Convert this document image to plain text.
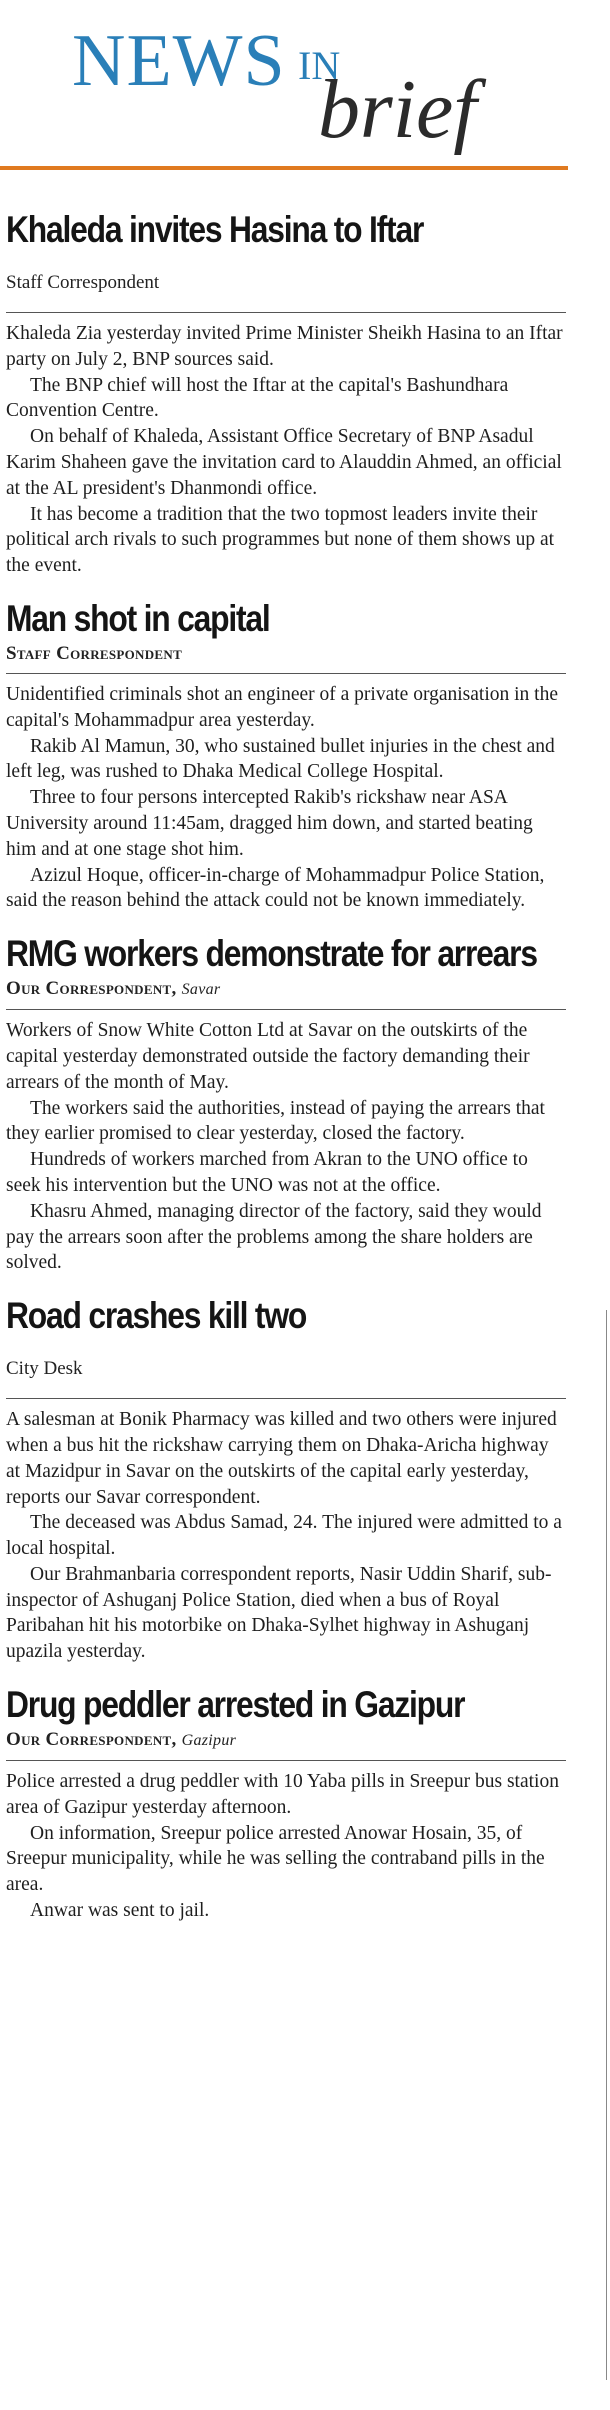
NEWS IN
brief
Khaleda invites Hasina to Iftar
Staff Correspondent

Khaleda Zia yesterday invited Prime Minister Sheikh Hasina to an Iftar party on July 2, BNP sources said.

The BNP chief will host the Iftar at the capital's Bashundhara Convention Centre.

On behalf of Khaleda, Assistant Office Secretary of BNP Asadul Karim Shaheen gave the invitation card to Alauddin Ahmed, an official at the AL president's Dhanmondi office.

It has become a tradition that the two topmost leaders invite their political arch rivals to such programmes but none of them shows up at the event.

Man shot in capital
Staff Correspondent

Unidentified criminals shot an engineer of a private organisation in the capital's Mohammadpur area yesterday.

Rakib Al Mamun, 30, who sustained bullet injuries in the chest and left leg, was rushed to Dhaka Medical College Hospital.

Three to four persons intercepted Rakib's rickshaw near ASA University around 11:45am, dragged him down, and started beating him and at one stage shot him.

Azizul Hoque, officer-in-charge of Mohammadpur Police Station, said the reason behind the attack could not be known immediately.

RMG workers demonstrate for arrears
Our Correspondent, Savar

Workers of Snow White Cotton Ltd at Savar on the outskirts of the capital yesterday demonstrated outside the factory demanding their arrears of the month of May.

The workers said the authorities, instead of paying the arrears that they earlier promised to clear yesterday, closed the factory.

Hundreds of workers marched from Akran to the UNO office to seek his intervention but the UNO was not at the office.

Khasru Ahmed, managing director of the factory, said they would pay the arrears soon after the problems among the share holders are solved.

Road crashes kill two
City Desk

A salesman at Bonik Pharmacy was killed and two others were injured when a bus hit the rickshaw carrying them on Dhaka-Aricha highway at Mazidpur in Savar on the outskirts of the capital early yesterday, reports our Savar correspondent.

The deceased was Abdus Samad, 24. The injured were admitted to a local hospital.

Our Brahmanbaria correspondent reports, Nasir Uddin Sharif, sub-inspector of Ashuganj Police Station, died when a bus of Royal Paribahan hit his motorbike on Dhaka-Sylhet highway in Ashuganj upazila yesterday.

Drug peddler arrested in Gazipur
Our Correspondent, Gazipur

Police arrested a drug peddler with 10 Yaba pills in Sreepur bus station area of Gazipur yesterday afternoon.

On information, Sreepur police arrested Anowar Hosain, 35, of Sreepur municipality, while he was selling the contraband pills in the area.

Anwar was sent to jail.
